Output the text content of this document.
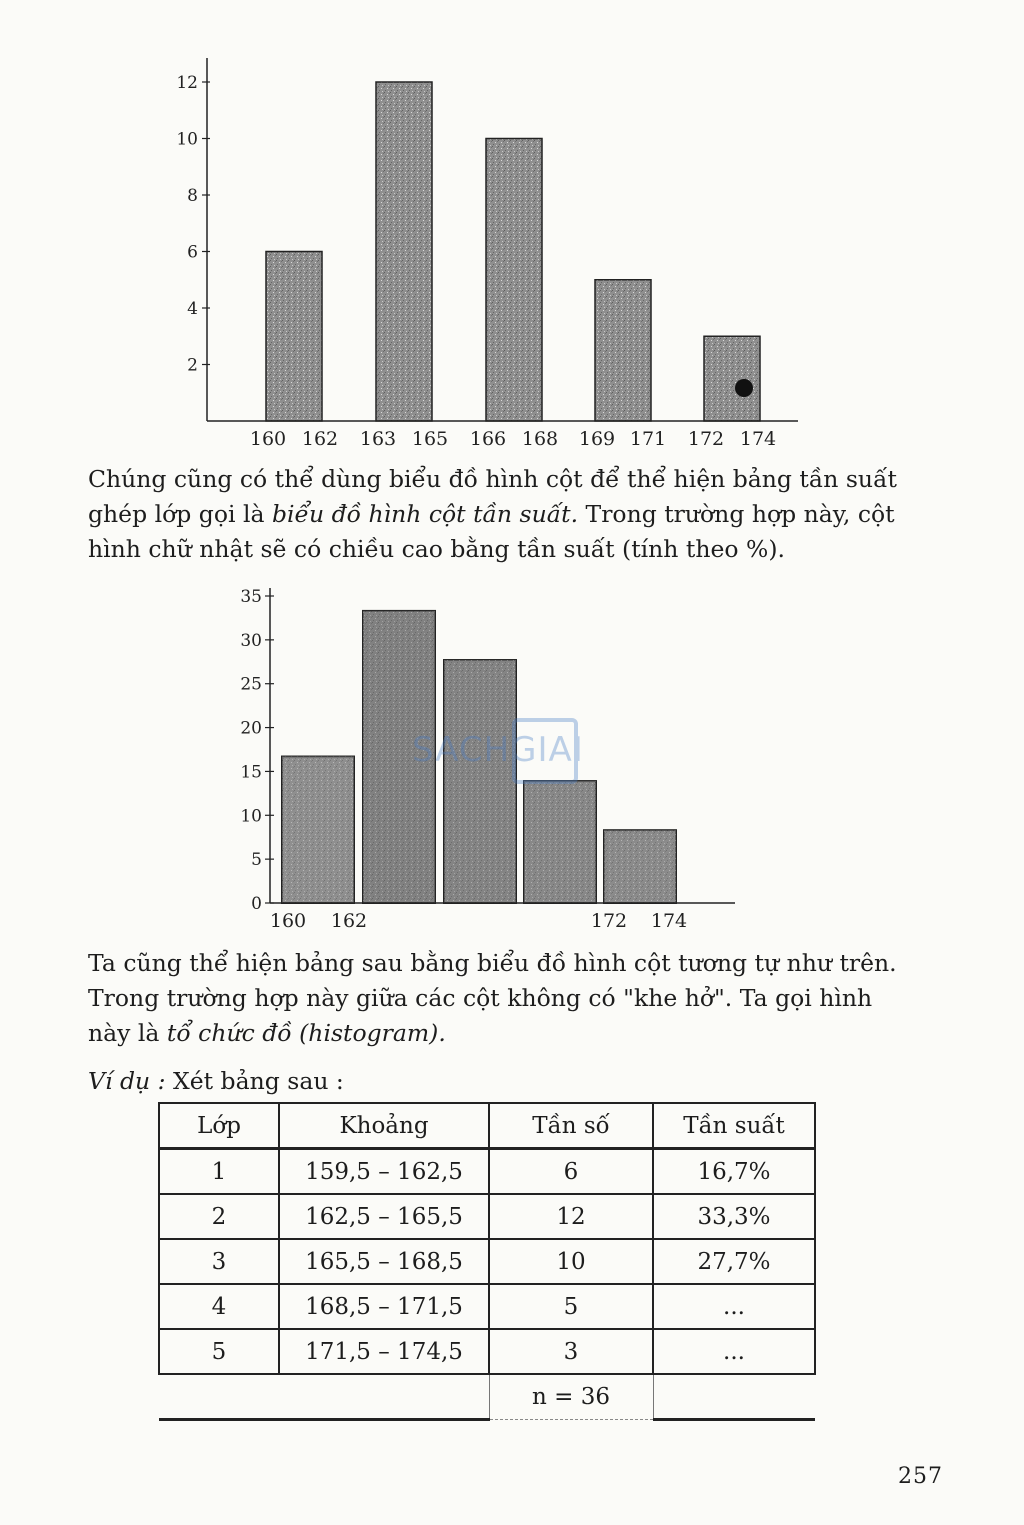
2
4
6
8
10
12
160 162 163 165 166 168 169 171 172 174

Chúng cũng có thể dùng biểu đồ hình cột để thể hiện bảng tần suất
ghép lớp gọi là biểu đồ hình cột tần suất. Trong trường hợp này, cột
hình chữ nhật sẽ có chiều cao bằng tần suất (tính theo %).

0
5
10
15
20
25
30
35
160 162	172 174
SACHGIAI

Ta cũng thể hiện bảng sau bằng biểu đồ hình cột tương tự như trên.
Trong trường hợp này giữa các cột không có "khe hở". Ta gọi hình
này là tổ chức đồ (histogram).

Ví dụ : Xét bảng sau :

Lớp	Khoảng	Tần số	Tần suất
1	159,5 – 162,5	6	16,7%
2	162,5 – 165,5	12	33,3%
3	165,5 – 168,5	10	27,7%
4	168,5 – 171,5	5	...
5	171,5 – 174,5	3	...
		n = 36	
257
